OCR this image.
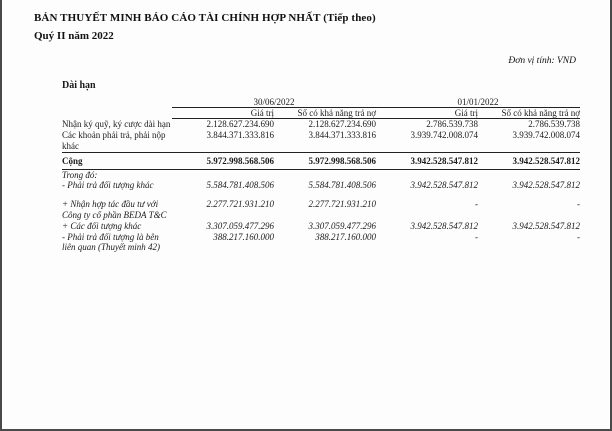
BẢN THUYẾT MINH BÁO CÁO TÀI CHÍNH HỢP NHẤT (Tiếp theo)
Quý II năm 2022
Đơn vị tính: VND
Dài hạn
	30/06/2022		01/01/2022	
	Giá trị	Số có khả năng trả nợ	Giá trị	Số có khả năng trả nợ
Nhận ký quỹ, ký cược dài hạn	2.128.627.234.690	2.128.627.234.690	2.786.539.738	2.786.539.738
Các khoản phải trả, phải nộp khác	3.844.371.333.816	3.844.371.333.816	3.939.742.008.074	3.939.742.008.074
Cộng	5.972.998.568.506	5.972.998.568.506	3.942.528.547.812	3.942.528.547.812
Trong đó:				
- Phải trả đối tượng khác	5.584.781.408.506	5.584.781.408.506	3.942.528.547.812	3.942.528.547.812

+ Nhận hợp tác đầu tư với Công ty cổ phần BEDA T&C	2.277.721.931.210	2.277.721.931.210	-	-
+ Các đối tượng khác	3.307.059.477.296	3.307.059.477.296	3.942.528.547.812	3.942.528.547.812
- Phải trả đối tượng là bên liên quan (Thuyết minh 42)	388.217.160.000	388.217.160.000	-	-
